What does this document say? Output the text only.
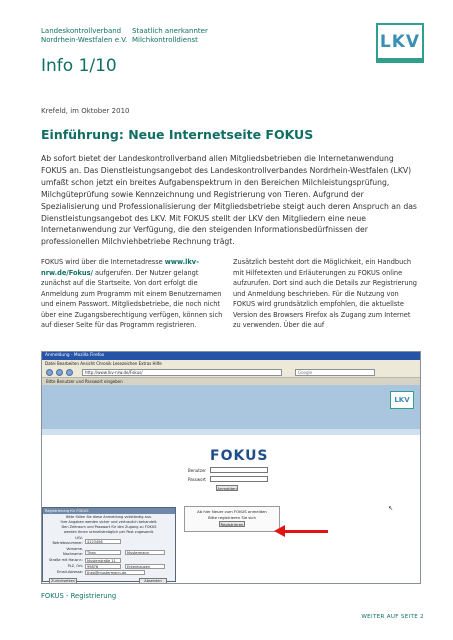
Landeskontrollverband
Nordrhein-Westfalen e.V.
Staatlich anerkannter
Milchkontrolldienst	LKV
Info 1/10
Krefeld, im Oktober 2010
Einführung: Neue Internetseite FOKUS

Ab sofort bietet der Landeskontrollverband allen Mitgliedsbetrieben die Internetanwendung FOKUS an. Das Dienstleistungsangebot des Landeskontrollverbandes Nordrhein-Westfalen (LKV) umfaßt schon jetzt ein breites Aufgabenspektrum in den Bereichen Milchleistungsprüfung, Milchgüteprüfung sowie Kennzeichnung und Registrierung von Tieren. Aufgrund der Spezialisierung und Professionalisierung der Mitgliedsbetriebe steigt auch deren Anspruch an das Dienstleistungsangebot des LKV. Mit FOKUS stellt der LKV den Mitgliedern eine neue Internetanwendung zur Verfügung, die den steigenden Informationsbedürfnissen der professionellen Milchviehbetriebe Rechnung trägt.

FOKUS wird über die Internetadresse www.lkv-nrw.de/Fokus/ aufgerufen. Der Nutzer gelangt zunächst auf die Startseite. Von dort erfolgt die Anmeldung zum Programm mit einem Benutzernamen und einem Passwort. Mitgliedsbetriebe, die noch nicht über eine Zugangsberechtigung verfügen, können sich auf dieser Seite für das Programm registrieren.

Zusätzlich besteht dort die Möglichkeit, ein Handbuch mit Hilfetexten und Erläuterungen zu FOKUS online aufzurufen. Dort sind auch die Details zur Registrierung und Anmeldung beschrieben. Für die Nutzung von FOKUS wird grundsätzlich empfohlen, die aktuellste Version des Browsers Firefox als Zugang zum Internet zu verwenden. Über die auf

Anmeldung - Mozilla Firefox
Datei Bearbeiten Ansicht Chronik Lesezeichen Extras Hilfe
http://www.lkv-nrw.de/Fokus/	Google
Bitte Benutzer und Passwort eingeben
LKV
FOKUS
Benutzer
Passwort
Anmelden
Ab hier Neuer zum FOKUS anmelden
Bitte registrieren Sie sich
Registrieren
↖
Registrierung für FOKUS
Bitte füllen Sie diese Anmeldung vollständig aus.
Ihre Angaben werden sicher und vertraulich behandelt.
Den Zeitraum und Passwort für den Zugang zu FOKUS
werden Ihnen schnellstmöglich per Post zugesandt.
LKV-Betriebsnummer:	4123456
Vorname, Nachname:	Theo	Mustermann
Straße mit Hausnr.:	Musterstraße 11
PLZ, Ort:	99876	Entenhausen
Email-Adresse:	theo@mustermann.de
Zurücksetzen	Absenden
FOKUS - Registrierung
WEITER AUF SEITE 2
